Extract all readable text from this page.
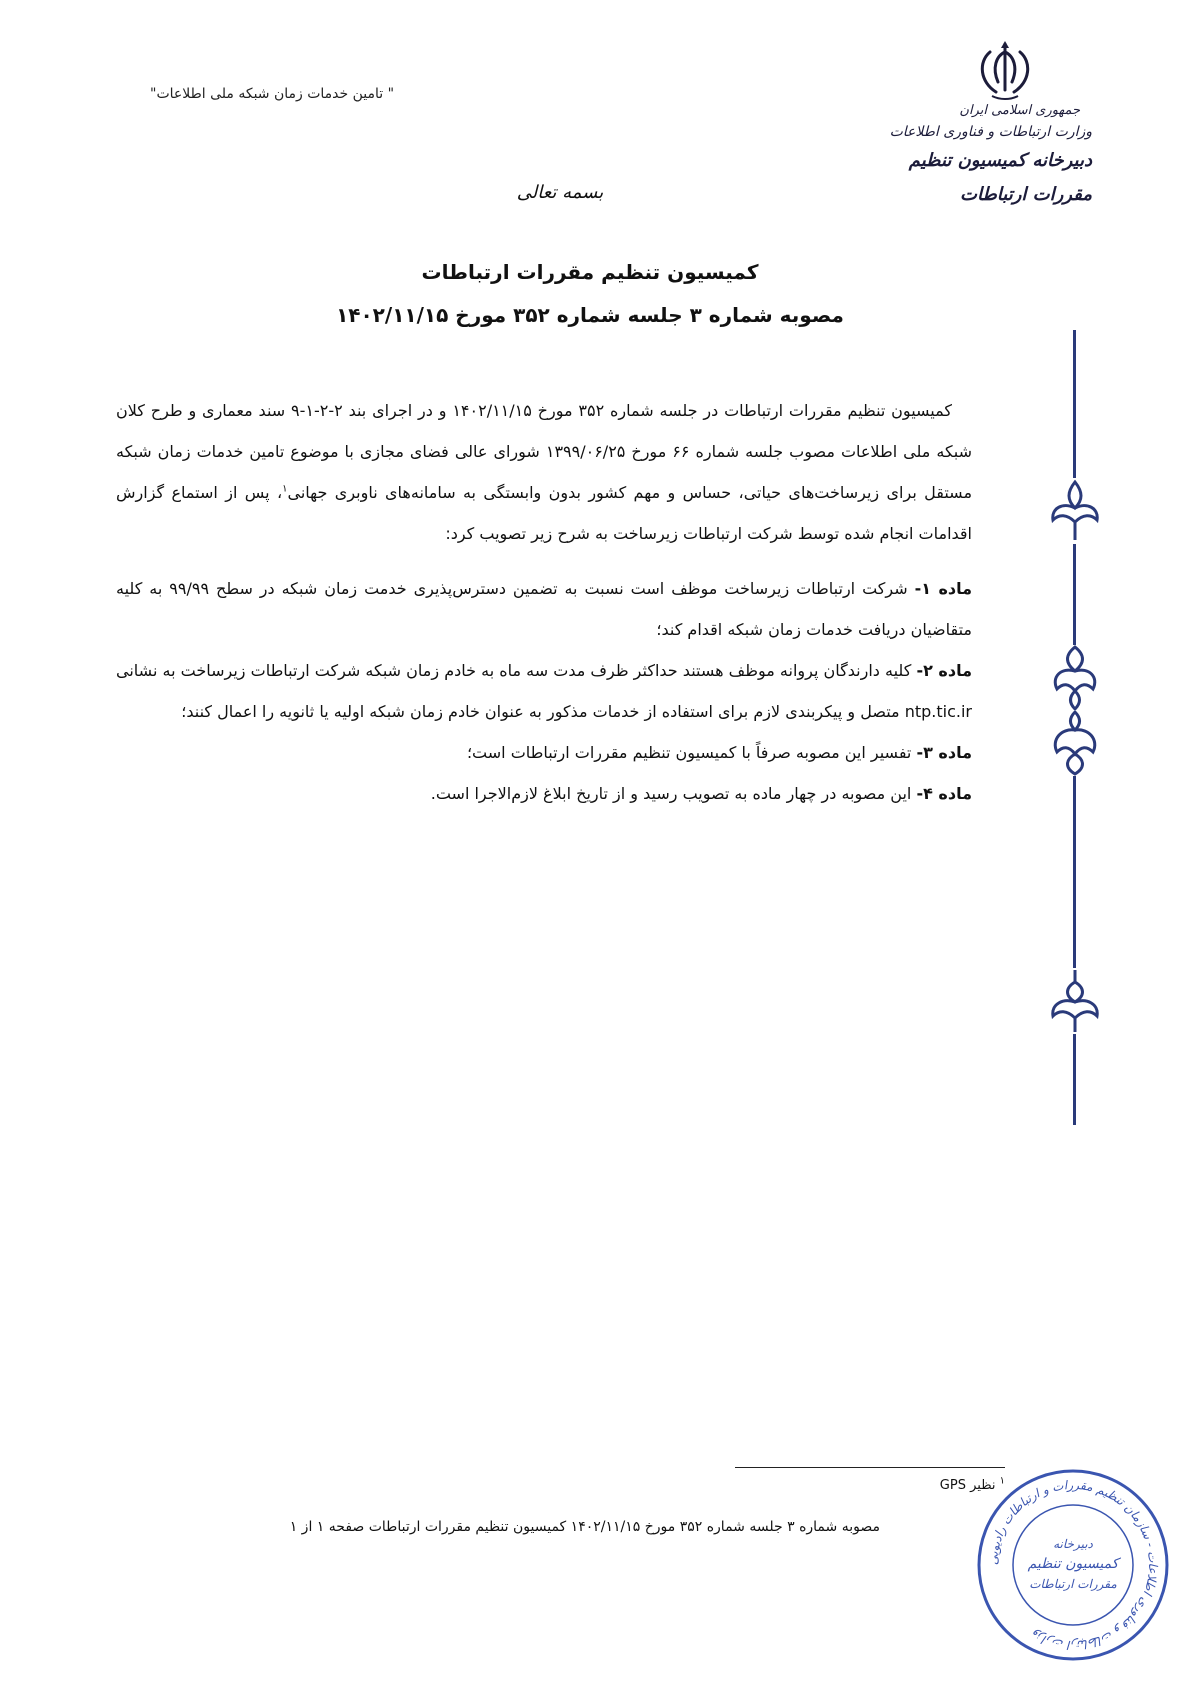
" تامین خدمات زمان شبکه ملی اطلاعات"
جمهوری اسلامی ایران
وزارت ارتباطات و فناوری اطلاعات
دبیرخانه کمیسیون تنظیم مقررات ارتباطات
بسمه تعالی
کمیسیون تنظیم مقررات ارتباطات
مصوبه شماره ۳ جلسه شماره ۳۵۲ مورخ ۱۴۰۲/۱۱/۱۵

کمیسیون تنظیم مقررات ارتباطات در جلسه شماره ۳۵۲ مورخ ۱۴۰۲/۱۱/۱۵ و در اجرای بند ۲-۲-۱-۹ سند معماری و طرح کلان شبکه ملی اطلاعات مصوب جلسه شماره ۶۶ مورخ ۱۳۹۹/۰۶/۲۵ شورای عالی فضای مجازی با موضوع تامین خدمات زمان شبکه مستقل برای زیرساخت‌های حیاتی، حساس و مهم کشور بدون وابستگی به سامانه‌های ناوبری جهانی$^۱$، پس از استماع گزارش اقدامات انجام شده توسط شرکت ارتباطات زیرساخت به شرح زیر تصویب کرد:

ماده ۱- شرکت ارتباطات زیرساخت موظف است نسبت به تضمین دسترس‌پذیری خدمت زمان شبکه در سطح ۹۹/۹۹ به کلیه متقاضیان دریافت خدمات زمان شبکه اقدام کند؛

ماده ۲- کلیه دارندگان پروانه موظف هستند حداکثر ظرف مدت سه ماه به خادم زمان شبکه شرکت ارتباطات زیرساخت به نشانی ntp.tic.ir متصل و پیکربندی لازم برای استفاده از خدمات مذکور به عنوان خادم زمان شبکه اولیه یا ثانویه را اعمال کنند؛

ماده ۳- تفسیر این مصوبه صرفاً با کمیسیون تنظیم مقررات ارتباطات است؛

ماده ۴- این مصوبه در چهار ماده به تصویب رسید و از تاریخ ابلاغ لازم‌الاجرا است.

$^۱$ نظیر GPS
مصوبه شماره ۳ جلسه شماره ۳۵۲ مورخ ۱۴۰۲/۱۱/۱۵ کمیسیون تنظیم مقررات ارتباطات صفحه ۱ از ۱
وزارت ارتباطات و فناوری اطلاعات - سازمان تنظیم مقررات و ارتباطات رادیویی
دبیرخانه
کمیسیون تنظیم
مقررات ارتباطات
